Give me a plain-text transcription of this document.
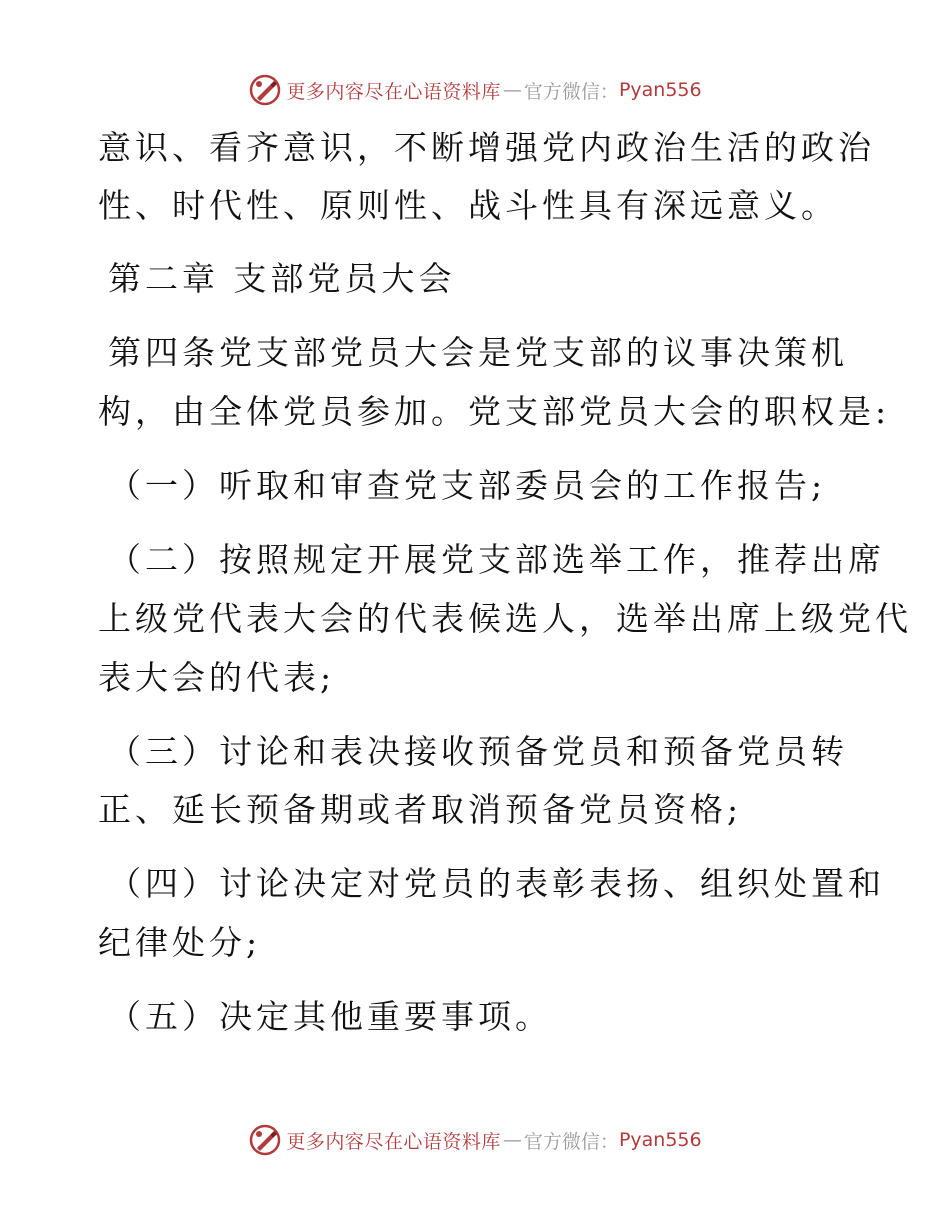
更多内容尽在心语资料库 — 官方微信： Pyan556
意识、看齐意识，不断增强党内政治生活的政治
性、时代性、原则性、战斗性具有深远意义。
第二章 支部党员大会
第四条党支部党员大会是党支部的议事决策机
构，由全体党员参加。党支部党员大会的职权是:
（一）听取和审查党支部委员会的工作报告;
（二）按照规定开展党支部选举工作，推荐出席
上级党代表大会的代表候选人，选举出席上级党代
表大会的代表;
（三）讨论和表决接收预备党员和预备党员转
正、延长预备期或者取消预备党员资格;
（四）讨论决定对党员的表彰表扬、组织处置和
纪律处分;
（五）决定其他重要事项。
更多内容尽在心语资料库 — 官方微信： Pyan556
